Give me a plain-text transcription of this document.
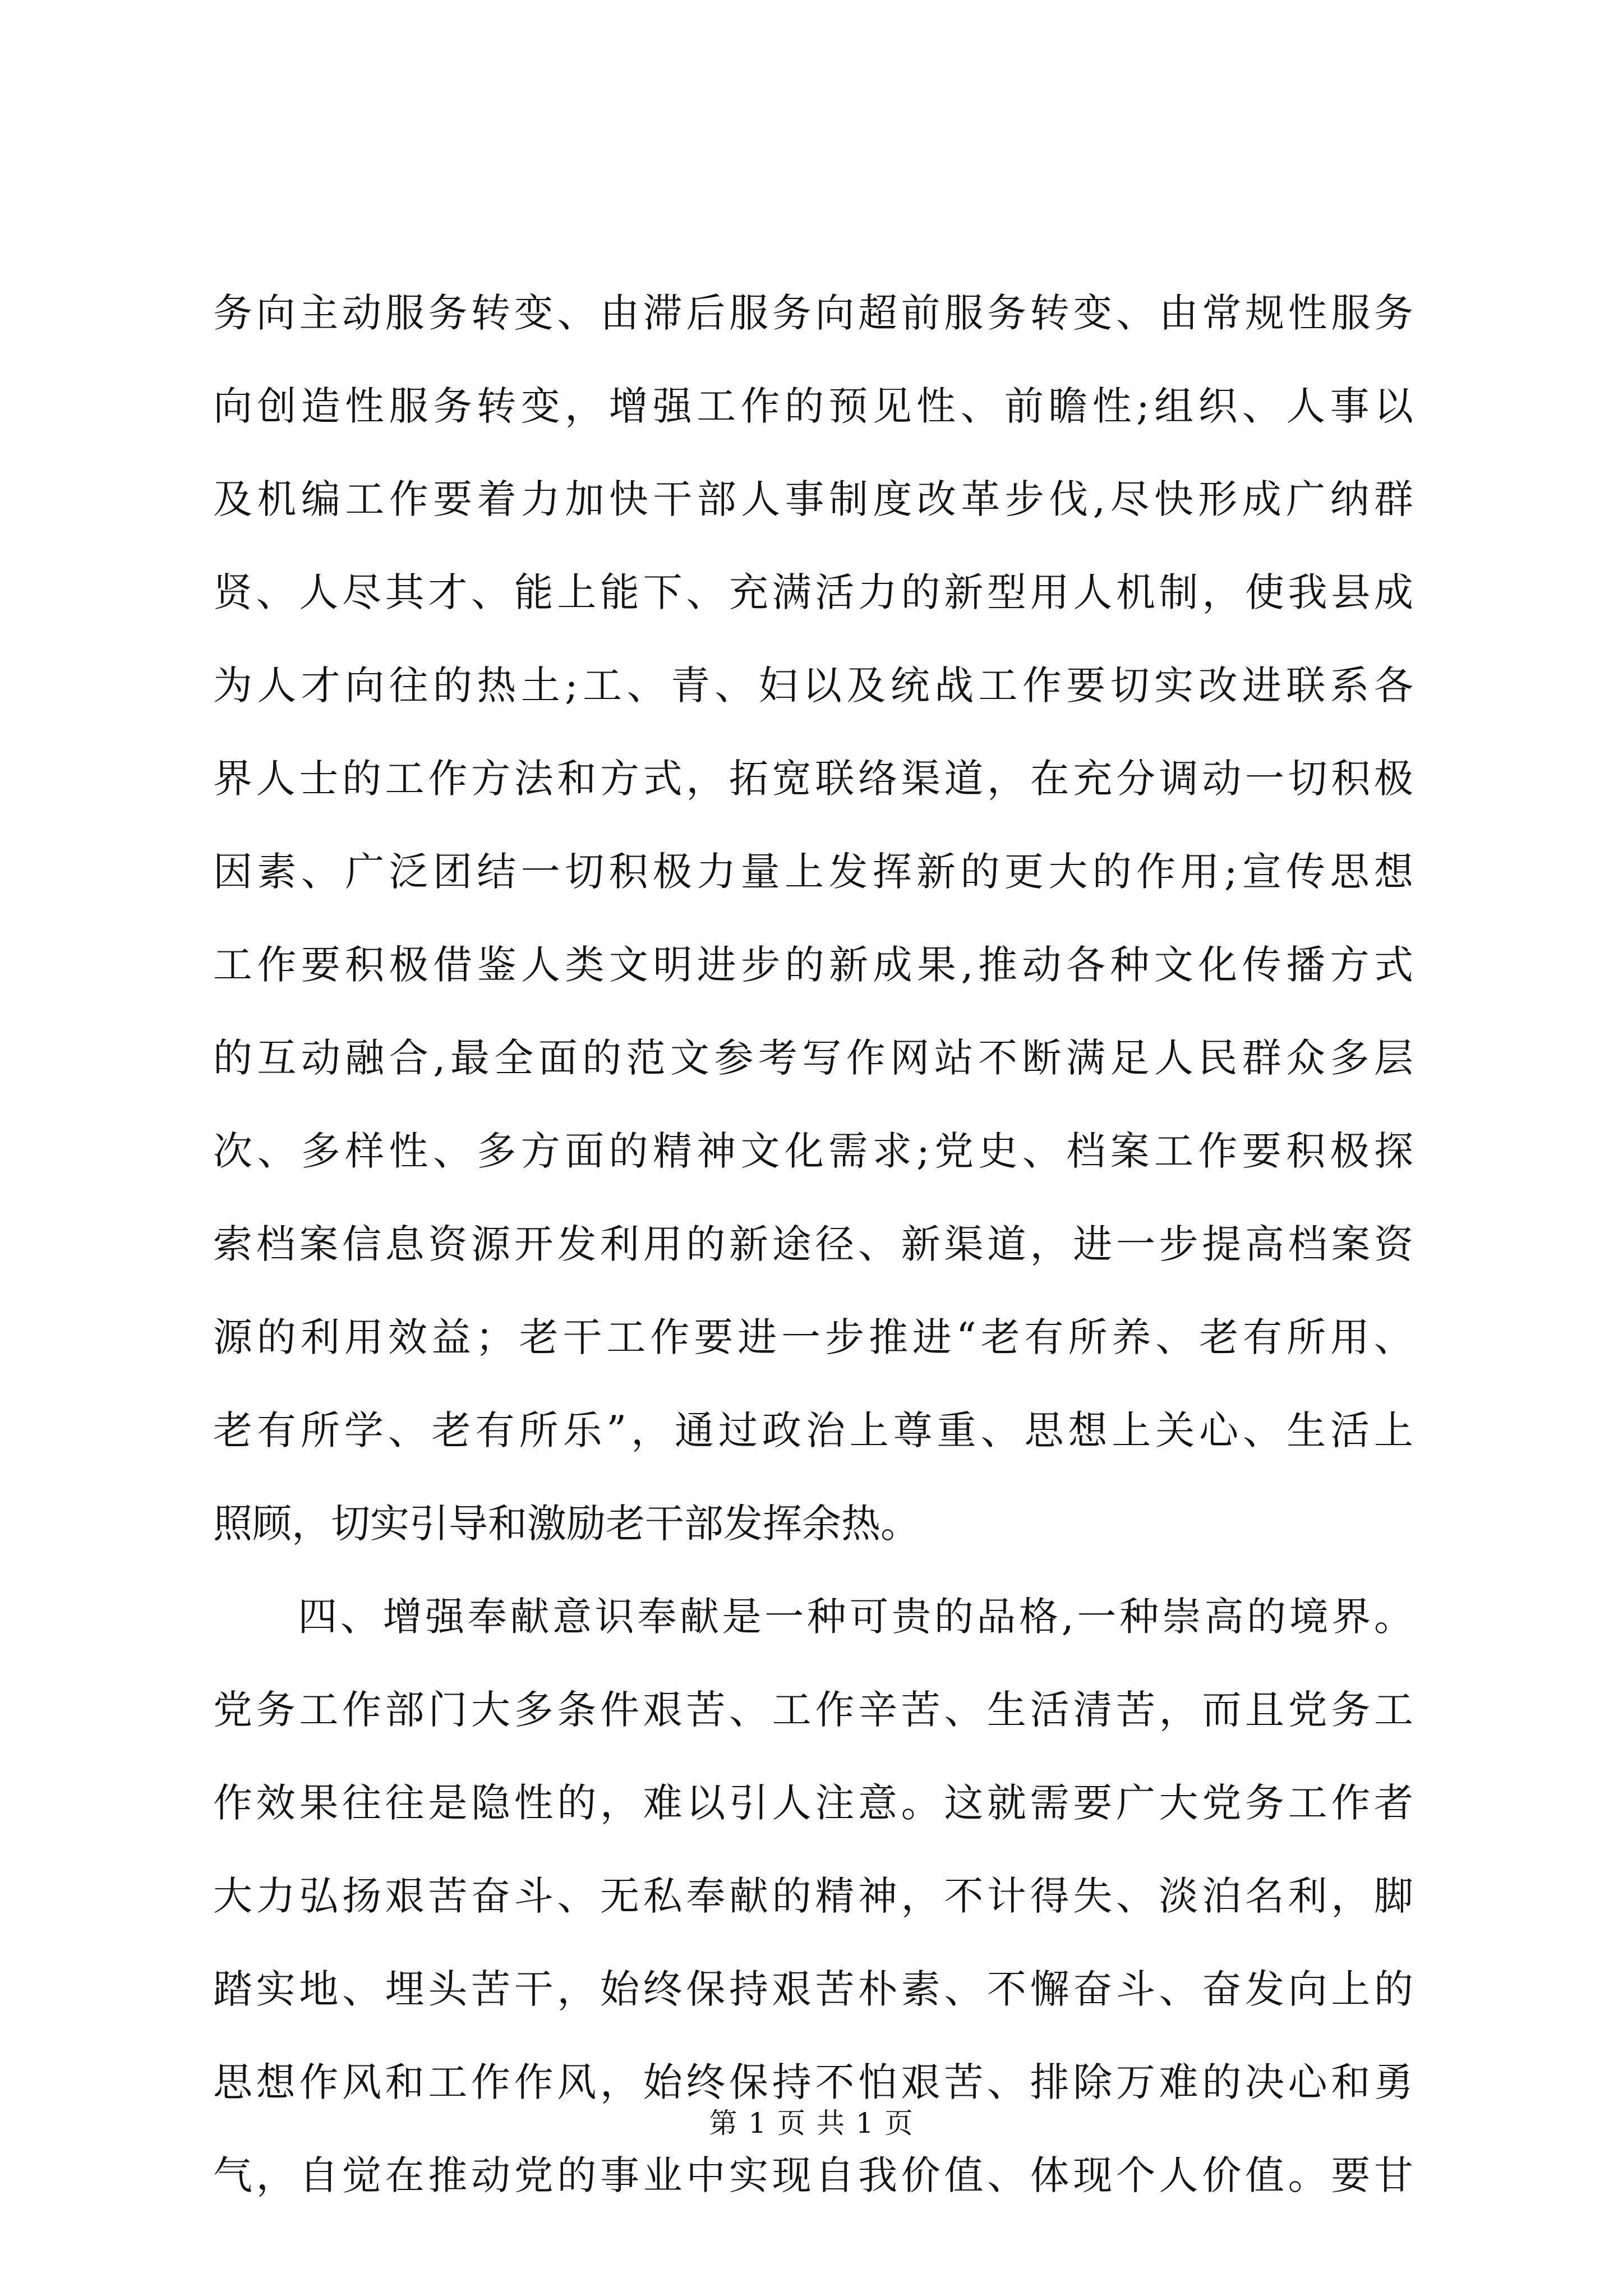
务向主动服务转变、由滞后服务向超前服务转变、由常规性服务
向创造性服务转变，增强工作的预见性、前瞻性;组织、人事以
及机编工作要着力加快干部人事制度改革步伐,尽快形成广纳群
贤、人尽其才、能上能下、充满活力的新型用人机制，使我县成
为人才向往的热土;工、青、妇以及统战工作要切实改进联系各
界人士的工作方法和方式，拓宽联络渠道，在充分调动一切积极
因素、广泛团结一切积极力量上发挥新的更大的作用;宣传思想
工作要积极借鉴人类文明进步的新成果,推动各种文化传播方式
的互动融合,最全面的范文参考写作网站不断满足人民群众多层
次、多样性、多方面的精神文化需求;党史、档案工作要积极探
索档案信息资源开发利用的新途径、新渠道，进一步提高档案资
源的利用效益；老干工作要进一步推进“老有所养、老有所用、
老有所学、老有所乐”，通过政治上尊重、思想上关心、生活上
照顾，切实引导和激励老干部发挥余热。
　　四、增强奉献意识奉献是一种可贵的品格,一种崇高的境界。
党务工作部门大多条件艰苦、工作辛苦、生活清苦，而且党务工
作效果往往是隐性的，难以引人注意。这就需要广大党务工作者
大力弘扬艰苦奋斗、无私奉献的精神，不计得失、淡泊名利，脚
踏实地、埋头苦干，始终保持艰苦朴素、不懈奋斗、奋发向上的
思想作风和工作作风，始终保持不怕艰苦、排除万难的决心和勇
气，自觉在推动党的事业中实现自我价值、体现个人价值。要甘
第 1 页 共 1 页
